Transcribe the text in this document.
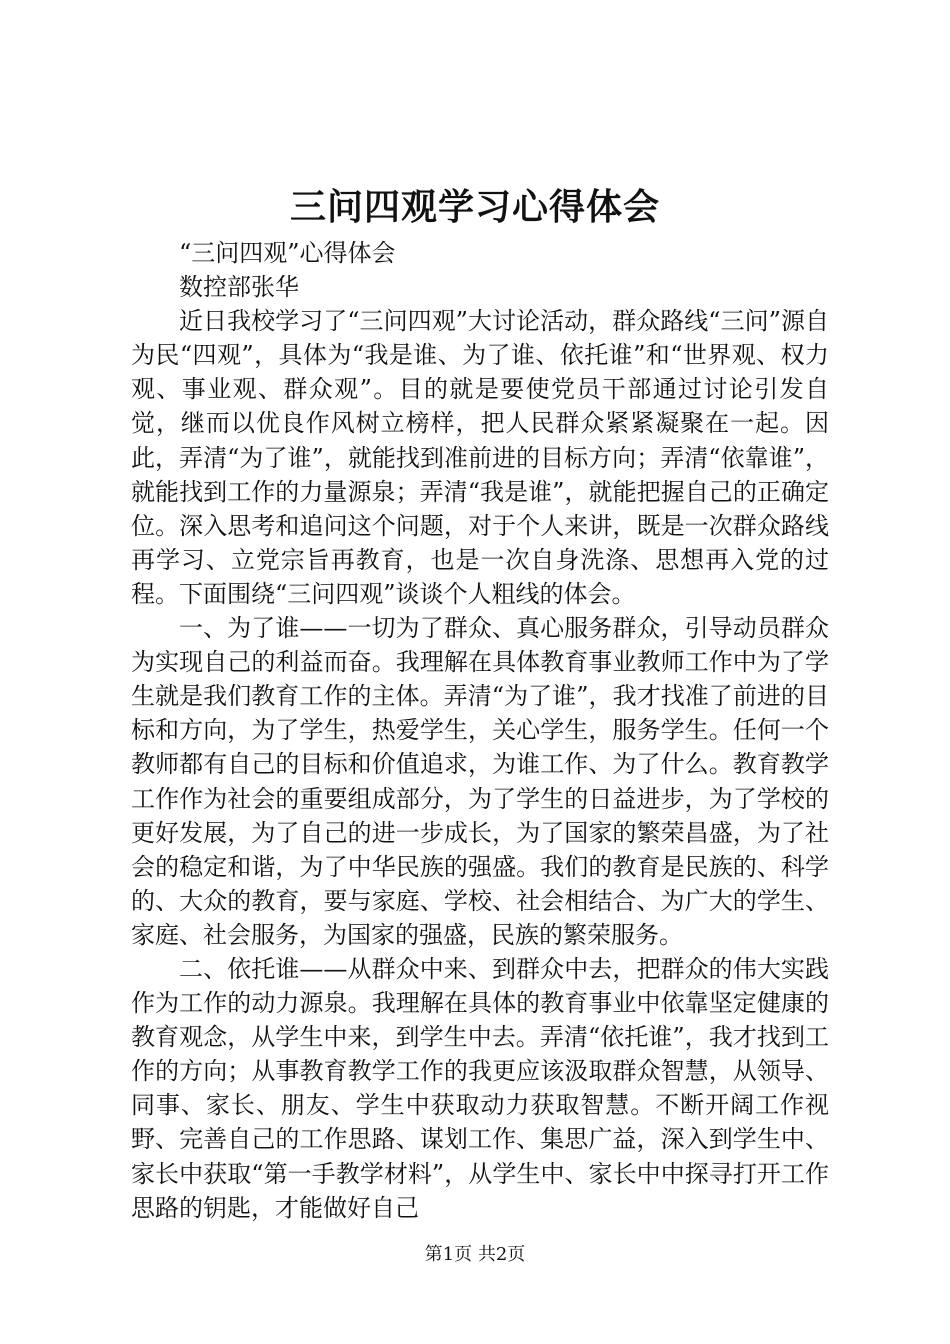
三问四观学习心得体会

“三问四观”心得体会

数控部张华

近日我校学习了“三问四观”大讨论活动，群众路线“三问”源自为民“四观”，具体为“我是谁、为了谁、依托谁”和“世界观、权力观、事业观、群众观”。目的就是要使党员干部通过讨论引发自觉，继而以优良作风树立榜样，把人民群众紧紧凝聚在一起。因此，弄清“为了谁”，就能找到准前进的目标方向；弄清“依靠谁”，就能找到工作的力量源泉；弄清“我是谁”，就能把握自己的正确定位。深入思考和追问这个问题，对于个人来讲，既是一次群众路线再学习、立党宗旨再教育，也是一次自身洗涤、思想再入党的过程。下面围绕“三问四观”谈谈个人粗线的体会。

一、为了谁——一切为了群众、真心服务群众，引导动员群众为实现自己的利益而奋。我理解在具体教育事业教师工作中为了学生就是我们教育工作的主体。弄清“为了谁”，我才找准了前进的目标和方向，为了学生，热爱学生，关心学生，服务学生。任何一个教师都有自己的目标和价值追求，为谁工作、为了什么。教育教学工作作为社会的重要组成部分，为了学生的日益进步，为了学校的更好发展，为了自己的进一步成长，为了国家的繁荣昌盛，为了社会的稳定和谐，为了中华民族的强盛。我们的教育是民族的、科学的、大众的教育，要与家庭、学校、社会相结合、为广大的学生、家庭、社会服务，为国家的强盛，民族的繁荣服务。

二、依托谁——从群众中来、到群众中去，把群众的伟大实践作为工作的动力源泉。我理解在具体的教育事业中依靠坚定健康的教育观念，从学生中来，到学生中去。弄清“依托谁”，我才找到工作的方向；从事教育教学工作的我更应该汲取群众智慧，从领导、同事、家长、朋友、学生中获取动力获取智慧。不断开阔工作视野、完善自己的工作思路、谋划工作、集思广益，深入到学生中、家长中获取“第一手教学材料”，从学生中、家长中中探寻打开工作思路的钥匙，才能做好自己

第1页 共2页
